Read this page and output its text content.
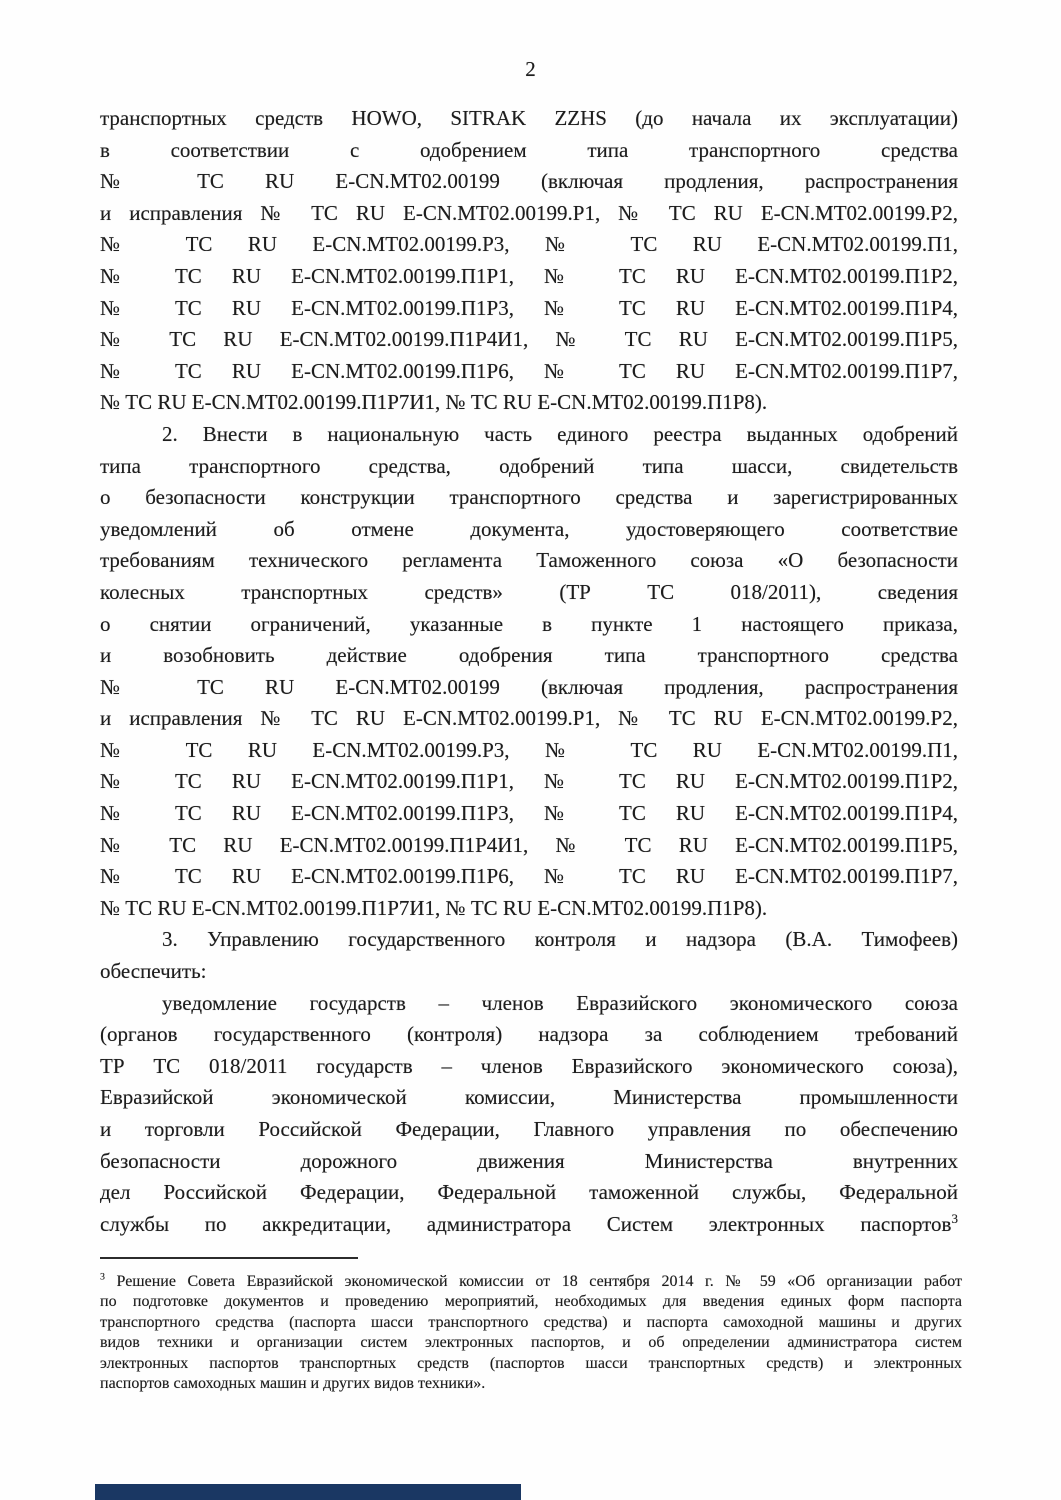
2
транспортных средств HOWO, SITRAK ZZHS (до начала их эксплуатации)
в соответствии с одобрением типа транспортного средства
№ ТС RU E-CN.MT02.00199 (включая продления, распространения
и исправления № ТС RU E-CN.MT02.00199.Р1, № ТС RU E-CN.MT02.00199.Р2,
№ ТС RU E-CN.MT02.00199.Р3, № ТС RU E-CN.MT02.00199.П1,
№ ТС RU E-CN.MT02.00199.П1Р1, № ТС RU E-CN.MT02.00199.П1Р2,
№ ТС RU E-CN.MT02.00199.П1Р3, № ТС RU E-CN.MT02.00199.П1Р4,
№ ТС RU E-CN.MT02.00199.П1Р4И1, № ТС RU E-CN.MT02.00199.П1Р5,
№ ТС RU E-CN.MT02.00199.П1Р6, № ТС RU E-CN.MT02.00199.П1Р7,
№ ТС RU E-CN.MT02.00199.П1Р7И1, № ТС RU E-CN.MT02.00199.П1Р8).
2. Внести в национальную часть единого реестра выданных одобрений
типа транспортного средства, одобрений типа шасси, свидетельств
о безопасности конструкции транспортного средства и зарегистрированных
уведомлений об отмене документа, удостоверяющего соответствие
требованиям технического регламента Таможенного союза «О безопасности
колесных транспортных средств» (ТР ТС 018/2011), сведения
о снятии ограничений, указанные в пункте 1 настоящего приказа,
и возобновить действие одобрения типа транспортного средства
№ ТС RU E-CN.MT02.00199 (включая продления, распространения
и исправления № ТС RU E-CN.MT02.00199.Р1, № ТС RU E-CN.MT02.00199.Р2,
№ ТС RU E-CN.MT02.00199.Р3, № ТС RU E-CN.MT02.00199.П1,
№ ТС RU E-CN.MT02.00199.П1Р1, № ТС RU E-CN.MT02.00199.П1Р2,
№ ТС RU E-CN.MT02.00199.П1Р3, № ТС RU E-CN.MT02.00199.П1Р4,
№ ТС RU E-CN.MT02.00199.П1Р4И1, № ТС RU E-CN.MT02.00199.П1Р5,
№ ТС RU E-CN.MT02.00199.П1Р6, № ТС RU E-CN.MT02.00199.П1Р7,
№ ТС RU E-CN.MT02.00199.П1Р7И1, № ТС RU E-CN.MT02.00199.П1Р8).
3. Управлению государственного контроля и надзора (В.А. Тимофеев)
обеспечить:
уведомление государств – членов Евразийского экономического союза
(органов государственного (контроля) надзора за соблюдением требований
ТР ТС 018/2011 государств – членов Евразийского экономического союза),
Евразийской экономической комиссии, Министерства промышленности
и торговли Российской Федерации, Главного управления по обеспечению
безопасности дорожного движения Министерства внутренних
дел Российской Федерации, Федеральной таможенной службы, Федеральной
службы по аккредитации, администратора Систем электронных паспортов$^3$
$^3$ Решение Совета Евразийской экономической комиссии от 18 сентября 2014 г. № 59 «Об организации работ
по подготовке документов и проведению мероприятий, необходимых для введения единых форм паспорта
транспортного средства (паспорта шасси транспортного средства) и паспорта самоходной машины и других
видов техники и организации систем электронных паспортов, и об определении администратора систем
электронных паспортов транспортных средств (паспортов шасси транспортных средств) и электронных
паспортов самоходных машин и других видов техники».
